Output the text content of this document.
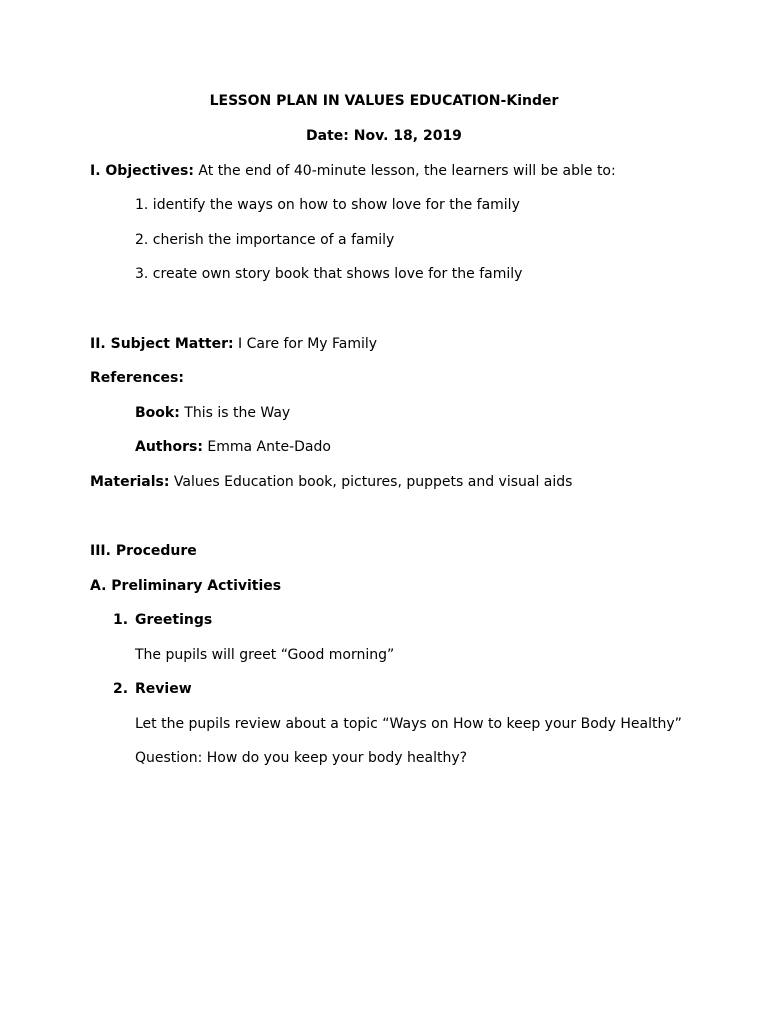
LESSON PLAN IN VALUES EDUCATION-Kinder
Date: Nov. 18, 2019
I. Objectives: At the end of 40-minute lesson, the learners will be able to:
1. identify the ways on how to show love for the family
2. cherish the importance of a family
3. create own story book that shows love for the family
II. Subject Matter: I Care for My Family
References:
Book: This is the Way
Authors: Emma Ante-Dado
Materials: Values Education book, pictures, puppets and visual aids
III. Procedure
A. Preliminary Activities
1. Greetings
The pupils will greet “Good morning”
2. Review
Let the pupils review about a topic “Ways on How to keep your Body Healthy”
Question: How do you keep your body healthy?
